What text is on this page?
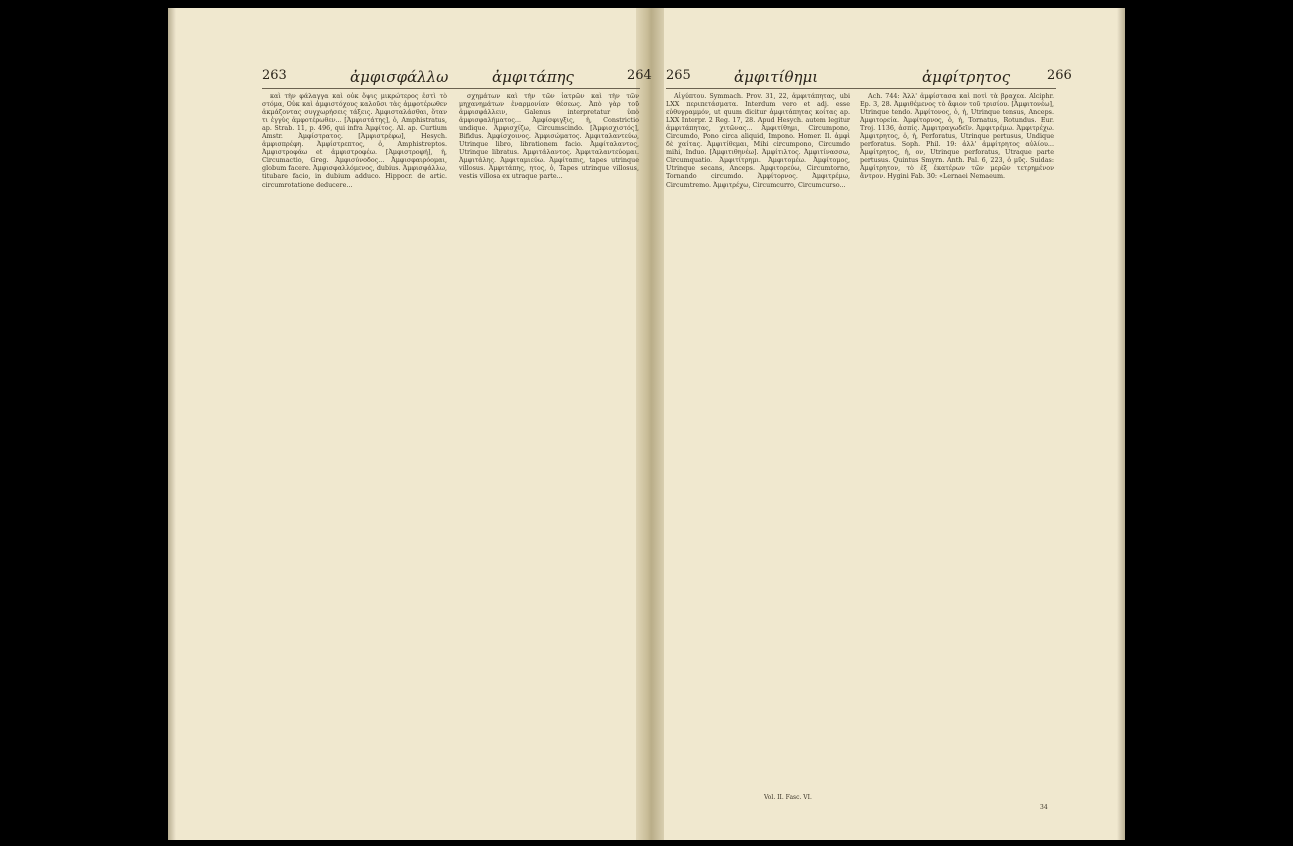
263	ἀμφισφάλλω	ἀμφιτάπης	264

καὶ τὴν φάλαγγα καὶ οὐκ ὄψις μικρώτερος ἐστὶ τὸ στόμα, Οὐκ καὶ ἀμφιστόχους καλοῦσι τὰς ἀμφοτέρωθεν ἀκμάζοντας συγχωρήσεις τάξεις. Ἀμφισταλάσθαι, ὅταν τι ἐγγὺς ἀμφοτέρωθεν... [Ἀμφιστάτης], ὁ, Amphistratus, ap. Strab. 11, p. 496, qui infra Ἀμφίτος. Al. ap. Curtium Amstr. Ἀμφίστρατος. [Ἀμφιστρέφω], Hesych. ἀμφισπρέφη. Ἀμφίστρεπτος, ὁ, Amphistreptos. Ἀμφιστροφάω et ἀμφιστροφέω. [Ἀμφιστροφή], ἡ, Circumactio, Greg. Ἀμφισύνοδος... Ἀμφισφαιρόομαι, globum facere. Ἀμφισφαλλόμενος, dubius. Ἀμφισφάλλω, titubare facio, in dubium adduco. Hippocr. de artic. circumrotatione deducere...

σχημάτων καὶ τὴν τῶν ἰατρῶν καὶ τὴν τῶν μηχανημάτων ἐναρμονίαν θέσεως. Ἀπὸ γὰρ τοῦ ἀμφισφάλλειν, Galenus interpretatur ὑπὸ ἀμφισφαλήματος... Ἀμφίσφιγξις, ἡ, Constrictio undique. Ἀμφισχίζω, Circumscindo. [Ἀμφισχιστός], Bifidus. Ἀμφίσχοινος. Ἀμφισώματος. Ἀμφιταλαντεύω, Utrinque libro, librationem facio. Ἀμφίταλαντος, Utrinque libratus. Ἀμφιτάλαντος. Ἀμφιταλαντεύομαι. Ἀμφιτάλης. Ἀμφιταμιεύω. Ἀμφίταπις, tapes utrinque villosus. Ἀμφιτάπης, ητος, ὁ, Tapes utrinque villosus, vestis villosa ex utraque parte...

265	ἀμφιτίθημι	ἀμφίτρητος	266

Αἰγύπτου. Symmach. Prov. 31, 22, ἀμφιτάπητας, ubi LXX περιπετάσματα. Interdum vero et adj. esse εὐθυγραμμόν, ut quum dicitur ἀμφιτάπητας κοίτας ap. LXX Interpr. 2 Reg. 17, 28. Apud Hesych. autem legitur ἀμφιτάπητας, χιτῶνας... Ἀμφιτίθημι, Circumpono, Circumdo, Pono circa aliquid, Impono. Homer. Il. ἀμφὶ δὲ χαίτας. Ἀμφιτίθεμαι, Mihi circumpono, Circumdo mihi, Induo. [Ἀμφιτιθηνέω]. Ἀμφίτιλτος. Ἀμφιτίνασσω, Circumquatio. Ἀμφιτίτρημι. Ἀμφιτομέω. Ἀμφίτομος, Utrinque secans, Anceps. Ἀμφιτορεύω, Circumtorno, Tornando circumdo. Ἀμφίτορνος. Ἀμφιτρέμω, Circumtremo. Ἀμφιτρέχω, Circumcurro, Circumcurso...

Ach. 744: Ἀλλ' ἀμφίστασα καὶ ποτὶ τὰ βραχεα. Alciphr. Ep. 3, 28. Ἀμφιθέμενος τὸ ἄφιον τοῦ τρισίου. [Ἀμφιτονέω], Utrinque tendo. Ἀμφίτονος, ὁ, ἡ, Utrinque tensus, Anceps. Ἀμφιτορεία. Ἀμφίτορνος, ὁ, ἡ, Tornatus, Rotundus. Eur. Troj. 1136, ἀσπίς. Ἀμφιτραγωδεῖν. Ἀμφιτρέμω. Ἀμφιτρέχω. Ἀμφιτρητος, ὁ, ἡ, Perforatus, Utrinque pertusus, Undique perforatus. Soph. Phil. 19: ἀλλ' ἀμφίτρητος αὐλίου... Ἀμφίτρητος, ἡ, ον, Utrinque perforatus, Utraque parte pertusus. Quintus Smyrn. Anth. Pal. 6, 223, ὁ μῦς. Suidas: Ἀμφίτρητον, τὸ ἐξ ἑκατέρων τῶν μερῶν τετρημένον ἄντρον. Hygini Fab. 30: «Lernaei Nemaeum.

Vol. II. Fasc. VI.
34
